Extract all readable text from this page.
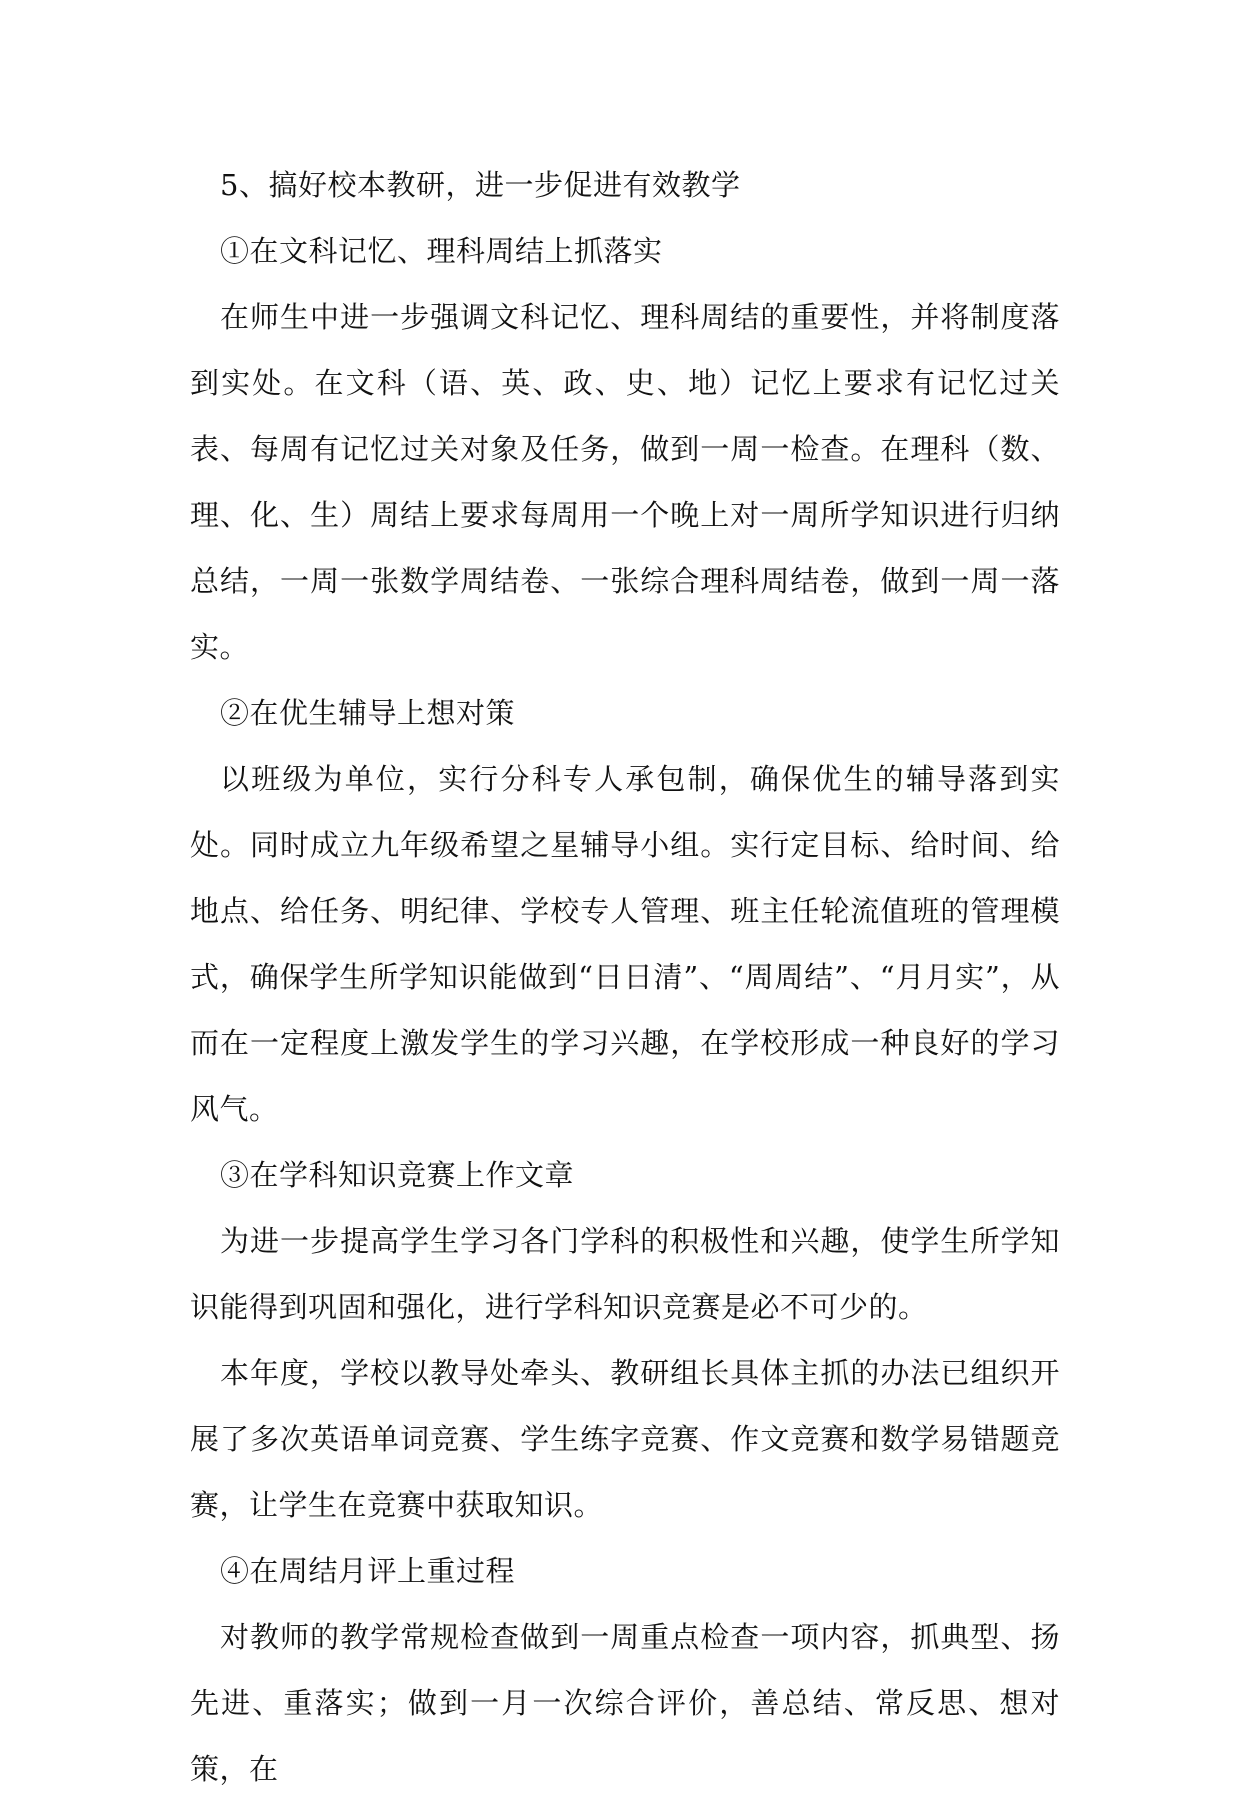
5、搞好校本教研，进一步促进有效教学

①在文科记忆、理科周结上抓落实

在师生中进一步强调文科记忆、理科周结的重要性，并将制度落到实处。在文科（语、英、政、史、地）记忆上要求有记忆过关表、每周有记忆过关对象及任务，做到一周一检查。在理科（数、理、化、生）周结上要求每周用一个晚上对一周所学知识进行归纳总结，一周一张数学周结卷、一张综合理科周结卷，做到一周一落实。

②在优生辅导上想对策

以班级为单位，实行分科专人承包制，确保优生的辅导落到实处。同时成立九年级希望之星辅导小组。实行定目标、给时间、给地点、给任务、明纪律、学校专人管理、班主任轮流值班的管理模式，确保学生所学知识能做到“日日清”、“周周结”、“月月实”，从而在一定程度上激发学生的学习兴趣，在学校形成一种良好的学习风气。

③在学科知识竞赛上作文章

为进一步提高学生学习各门学科的积极性和兴趣，使学生所学知识能得到巩固和强化，进行学科知识竞赛是必不可少的。

本年度，学校以教导处牵头、教研组长具体主抓的办法已组织开展了多次英语单词竞赛、学生练字竞赛、作文竞赛和数学易错题竞赛，让学生在竞赛中获取知识。

④在周结月评上重过程

对教师的教学常规检查做到一周重点检查一项内容，抓典型、扬先进、重落实；做到一月一次综合评价，善总结、常反思、想对策，在
